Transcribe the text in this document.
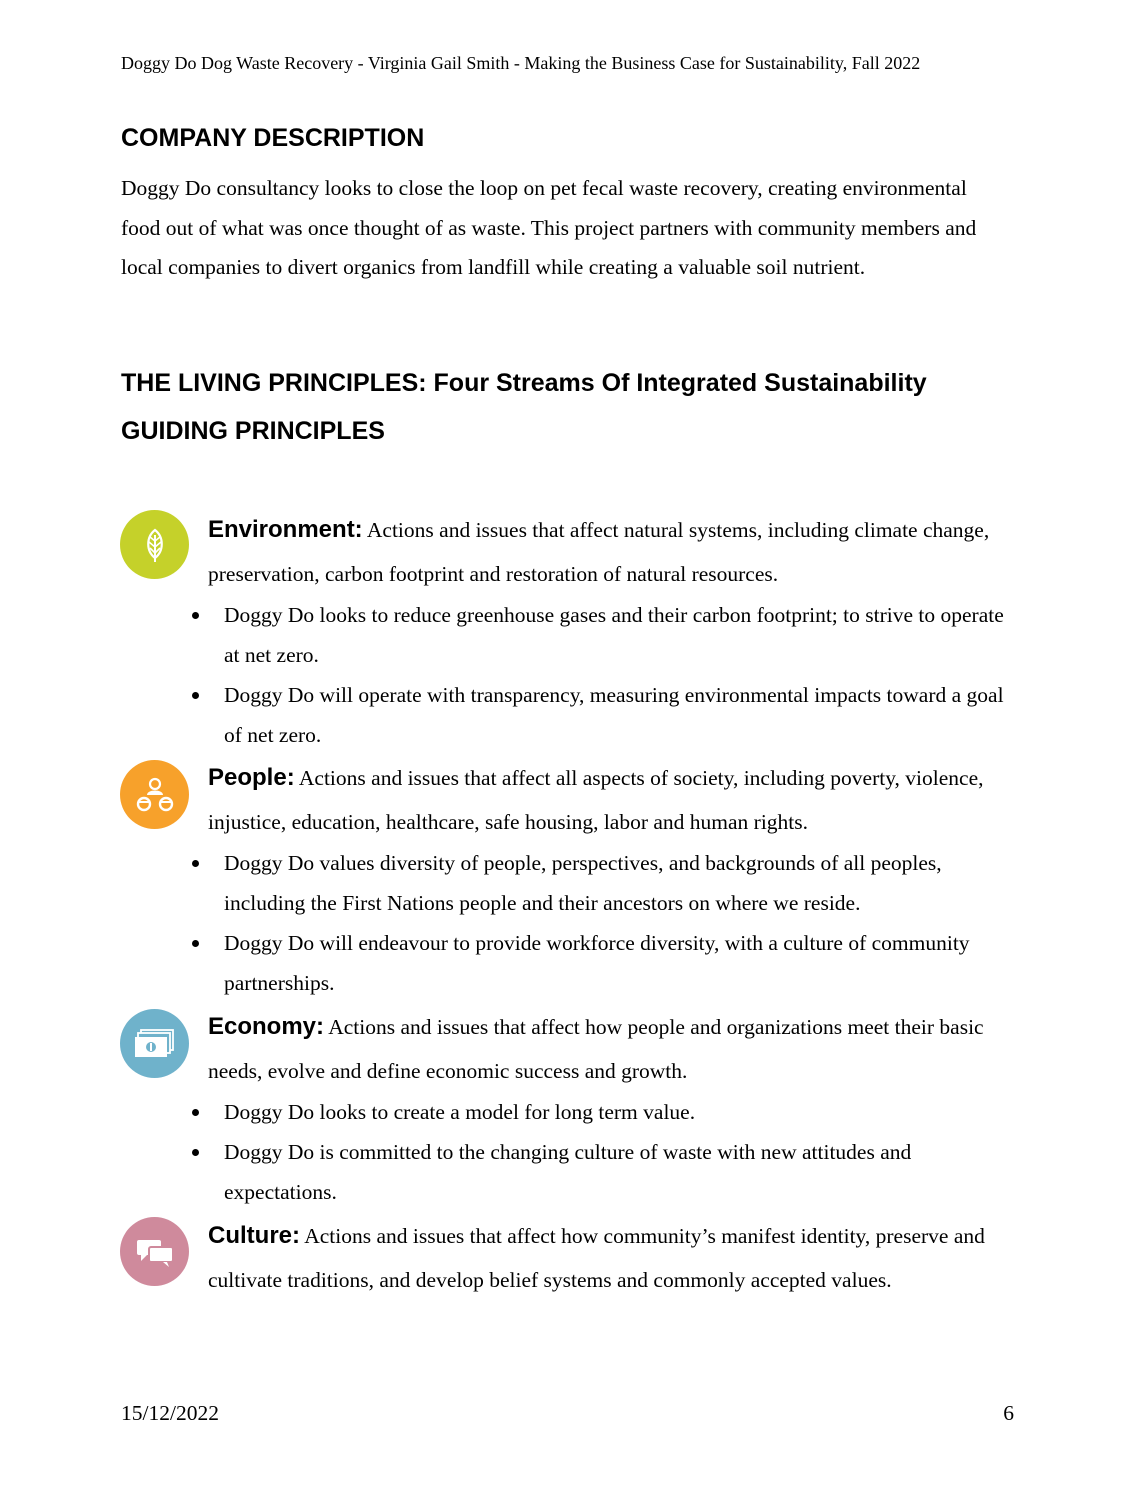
Doggy Do Dog Waste Recovery - Virginia Gail Smith - Making the Business Case for Sustainability, Fall 2022
COMPANY DESCRIPTION
Doggy Do consultancy looks to close the loop on pet fecal waste recovery, creating environmental food out of what was once thought of as waste. This project partners with community members and local companies to divert organics from landfill while creating a valuable soil nutrient.
THE LIVING PRINCIPLES: Four Streams Of Integrated Sustainability
GUIDING PRINCIPLES
Environment: Actions and issues that affect natural systems, including climate change, preservation, carbon footprint and restoration of natural resources.
Doggy Do looks to reduce greenhouse gases and their carbon footprint; to strive to operate at net zero.
Doggy Do will operate with transparency, measuring environmental impacts toward a goal of net zero.
People: Actions and issues that affect all aspects of society, including poverty, violence, injustice, education, healthcare, safe housing, labor and human rights.
Doggy Do values diversity of people, perspectives, and backgrounds of all peoples, including the First Nations people and their ancestors on where we reside.
Doggy Do will endeavour to provide workforce diversity, with a culture of community partnerships.
Economy: Actions and issues that affect how people and organizations meet their basic needs, evolve and define economic success and growth.
Doggy Do looks to create a model for long term value.
Doggy Do is committed to the changing culture of waste with new attitudes and expectations.
Culture: Actions and issues that affect how community’s manifest identity, preserve and cultivate traditions, and develop belief systems and commonly accepted values.
15/12/2022	6
